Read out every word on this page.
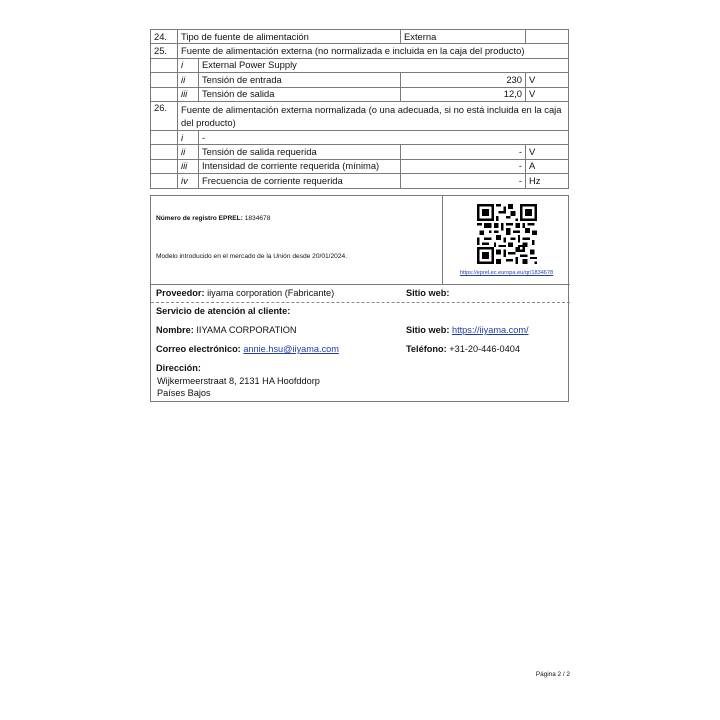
24.	Tipo de fuente de alimentación		Externa	
25.	Fuente de alimentación externa (no normalizada e incluida en la caja del producto)			
	i	External Power Supply		
	ii	Tensión de entrada	230	V
	iii	Tensión de salida	12,0	V
26.	Fuente de alimentación externa normalizada (o una adecuada, si no está incluida en la caja del producto)			
	i	-		
	ii	Tensión de salida requerida	-	V
	iii	Intensidad de corriente requerida (mínima)	-	A
	iv	Frecuencia de corriente requerida	-	Hz
Número de registro EPREL: 1834678
Modelo introducido en el mercado de la Unión desde 20/01/2024.
https://eprel.ec.europa.eu/qr/1834678
Proveedor: iiyama corporation (Fabricante)	Sitio web:
Servicio de atención al cliente:
Nombre: IIYAMA CORPORATION	Sitio web: https://iiyama.com/
Correo electrónico: annie.hsu@iiyama.com	Teléfono: +31-20-446-0404
Dirección:
Wijkermeerstraat 8, 2131 HA Hoofddorp
Países Bajos
Página 2 / 2
